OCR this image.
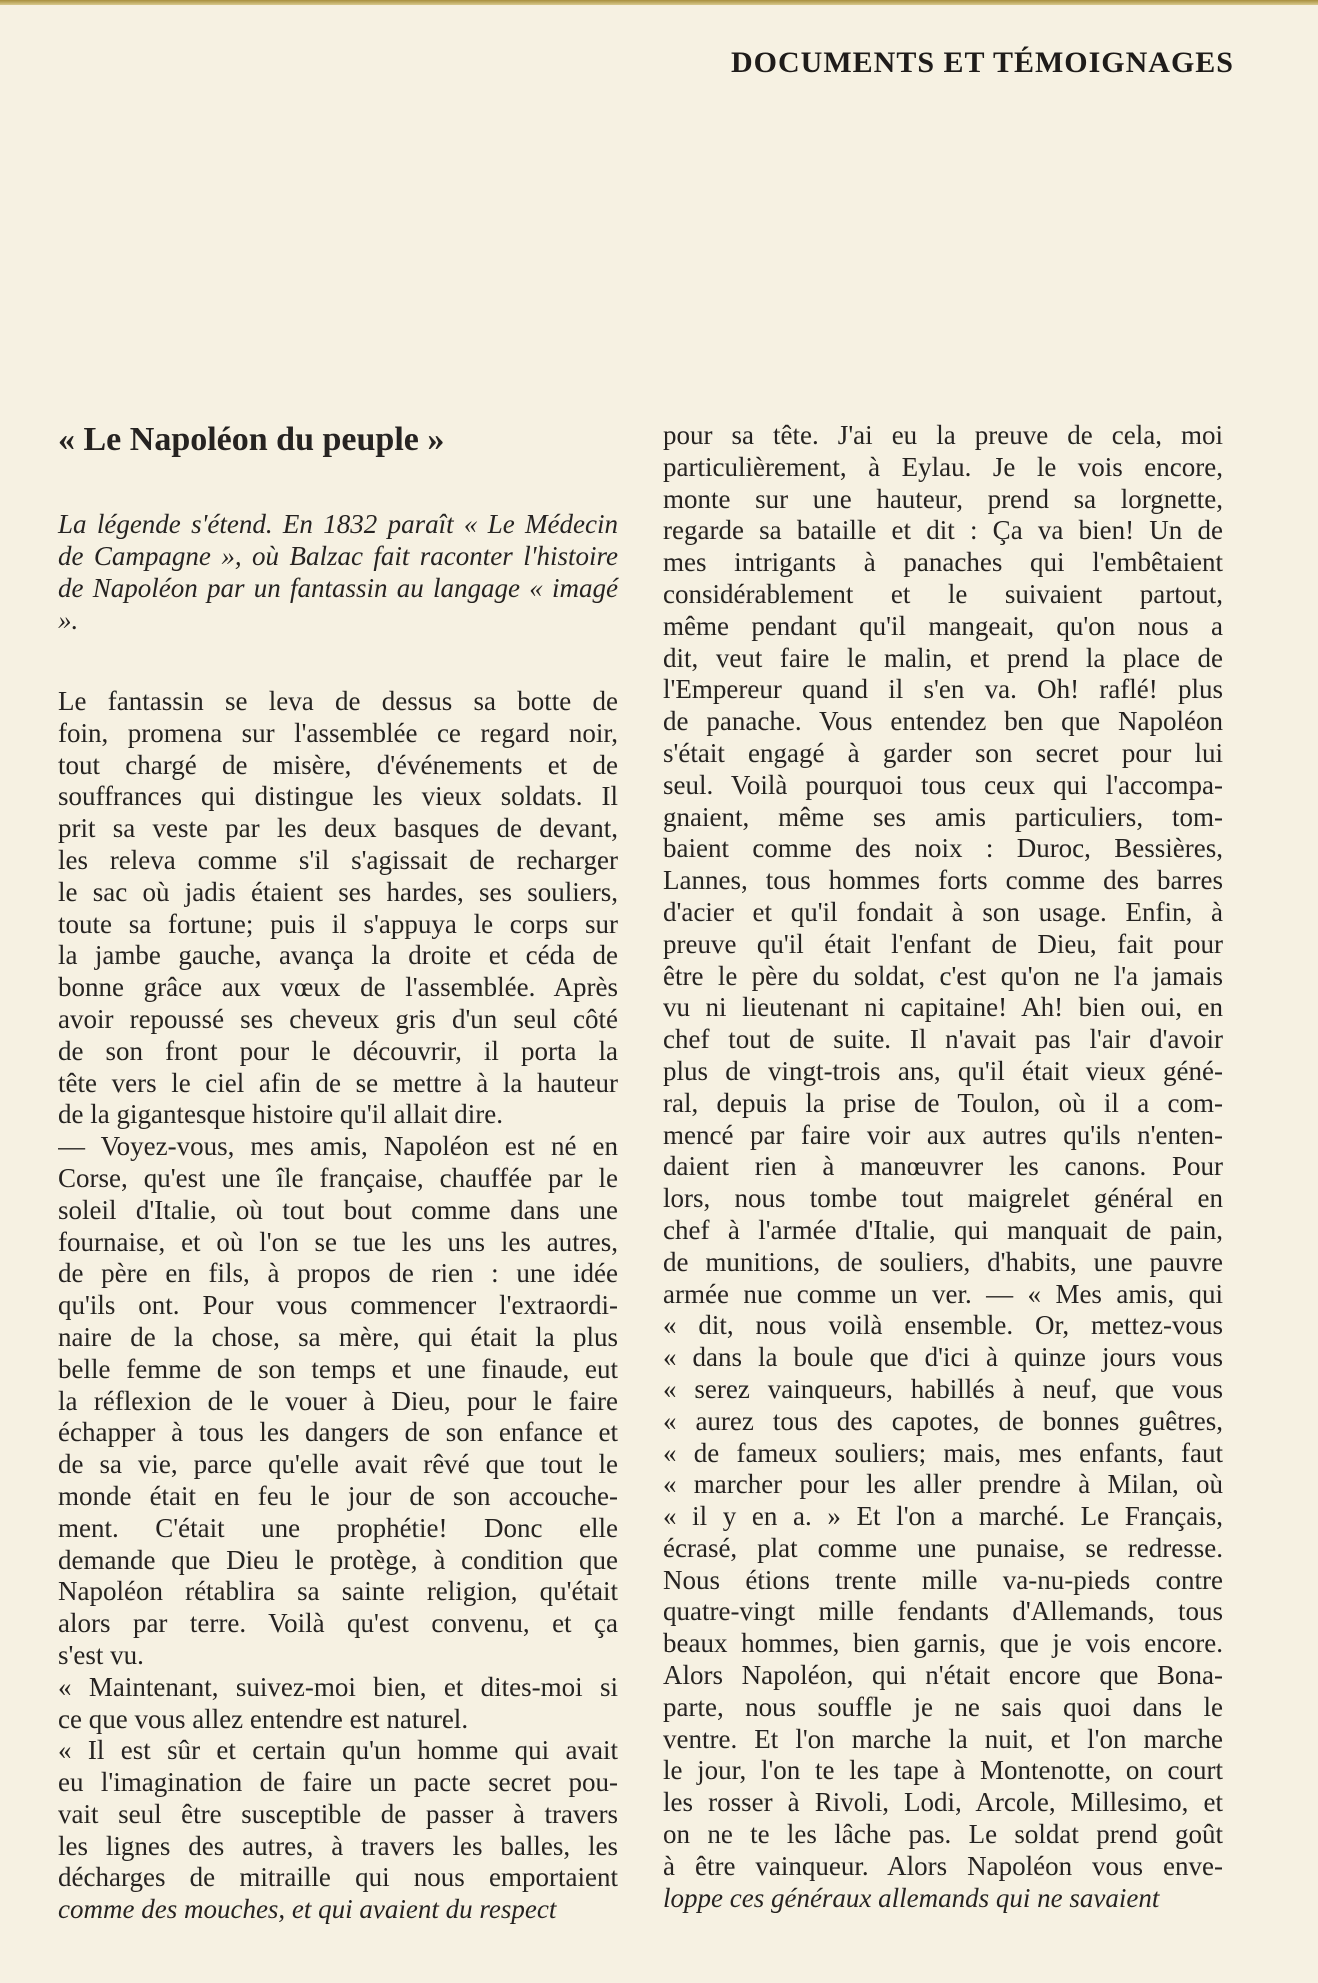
DOCUMENTS ET TÉMOIGNAGES
« Le Napoléon du peuple »

La légende s'étend. En 1832 paraît « Le Médecin de Campagne », où Balzac fait raconter l'histoire de Napoléon par un fantassin au langage « imagé ».

Le fantassin se leva de dessus sa botte de
foin, promena sur l'assemblée ce regard noir,
tout chargé de misère, d'événements et de
souffrances qui distingue les vieux soldats. Il
prit sa veste par les deux basques de devant,
les releva comme s'il s'agissait de recharger
le sac où jadis étaient ses hardes, ses souliers,
toute sa fortune; puis il s'appuya le corps sur
la jambe gauche, avança la droite et céda de
bonne grâce aux vœux de l'assemblée. Après
avoir repoussé ses cheveux gris d'un seul côté
de son front pour le découvrir, il porta la
tête vers le ciel afin de se mettre à la hauteur
de la gigantesque histoire qu'il allait dire.
— Voyez-vous, mes amis, Napoléon est né en
Corse, qu'est une île française, chauffée par le
soleil d'Italie, où tout bout comme dans une
fournaise, et où l'on se tue les uns les autres,
de père en fils, à propos de rien : une idée
qu'ils ont. Pour vous commencer l'extraordi-
naire de la chose, sa mère, qui était la plus
belle femme de son temps et une finaude, eut
la réflexion de le vouer à Dieu, pour le faire
échapper à tous les dangers de son enfance et
de sa vie, parce qu'elle avait rêvé que tout le
monde était en feu le jour de son accouche-
ment. C'était une prophétie! Donc elle
demande que Dieu le protège, à condition que
Napoléon rétablira sa sainte religion, qu'était
alors par terre. Voilà qu'est convenu, et ça
s'est vu.
« Maintenant, suivez-moi bien, et dites-moi si
ce que vous allez entendre est naturel.
« Il est sûr et certain qu'un homme qui avait
eu l'imagination de faire un pacte secret pou-
vait seul être susceptible de passer à travers
les lignes des autres, à travers les balles, les
décharges de mitraille qui nous emportaient
comme des mouches, et qui avaient du respect
pour sa tête. J'ai eu la preuve de cela, moi
particulièrement, à Eylau. Je le vois encore,
monte sur une hauteur, prend sa lorgnette,
regarde sa bataille et dit : Ça va bien! Un de
mes intrigants à panaches qui l'embêtaient
considérablement et le suivaient partout,
même pendant qu'il mangeait, qu'on nous a
dit, veut faire le malin, et prend la place de
l'Empereur quand il s'en va. Oh! raflé! plus
de panache. Vous entendez ben que Napoléon
s'était engagé à garder son secret pour lui
seul. Voilà pourquoi tous ceux qui l'accompa-
gnaient, même ses amis particuliers, tom-
baient comme des noix : Duroc, Bessières,
Lannes, tous hommes forts comme des barres
d'acier et qu'il fondait à son usage. Enfin, à
preuve qu'il était l'enfant de Dieu, fait pour
être le père du soldat, c'est qu'on ne l'a jamais
vu ni lieutenant ni capitaine! Ah! bien oui, en
chef tout de suite. Il n'avait pas l'air d'avoir
plus de vingt-trois ans, qu'il était vieux géné-
ral, depuis la prise de Toulon, où il a com-
mencé par faire voir aux autres qu'ils n'enten-
daient rien à manœuvrer les canons. Pour
lors, nous tombe tout maigrelet général en
chef à l'armée d'Italie, qui manquait de pain,
de munitions, de souliers, d'habits, une pauvre
armée nue comme un ver. — « Mes amis, qui
« dit, nous voilà ensemble. Or, mettez-vous
« dans la boule que d'ici à quinze jours vous
« serez vainqueurs, habillés à neuf, que vous
« aurez tous des capotes, de bonnes guêtres,
« de fameux souliers; mais, mes enfants, faut
« marcher pour les aller prendre à Milan, où
« il y en a. » Et l'on a marché. Le Français,
écrasé, plat comme une punaise, se redresse.
Nous étions trente mille va-nu-pieds contre
quatre-vingt mille fendants d'Allemands, tous
beaux hommes, bien garnis, que je vois encore.
Alors Napoléon, qui n'était encore que Bona-
parte, nous souffle je ne sais quoi dans le
ventre. Et l'on marche la nuit, et l'on marche
le jour, l'on te les tape à Montenotte, on court
les rosser à Rivoli, Lodi, Arcole, Millesimo, et
on ne te les lâche pas. Le soldat prend goût
à être vainqueur. Alors Napoléon vous enve-
loppe ces généraux allemands qui ne savaient
